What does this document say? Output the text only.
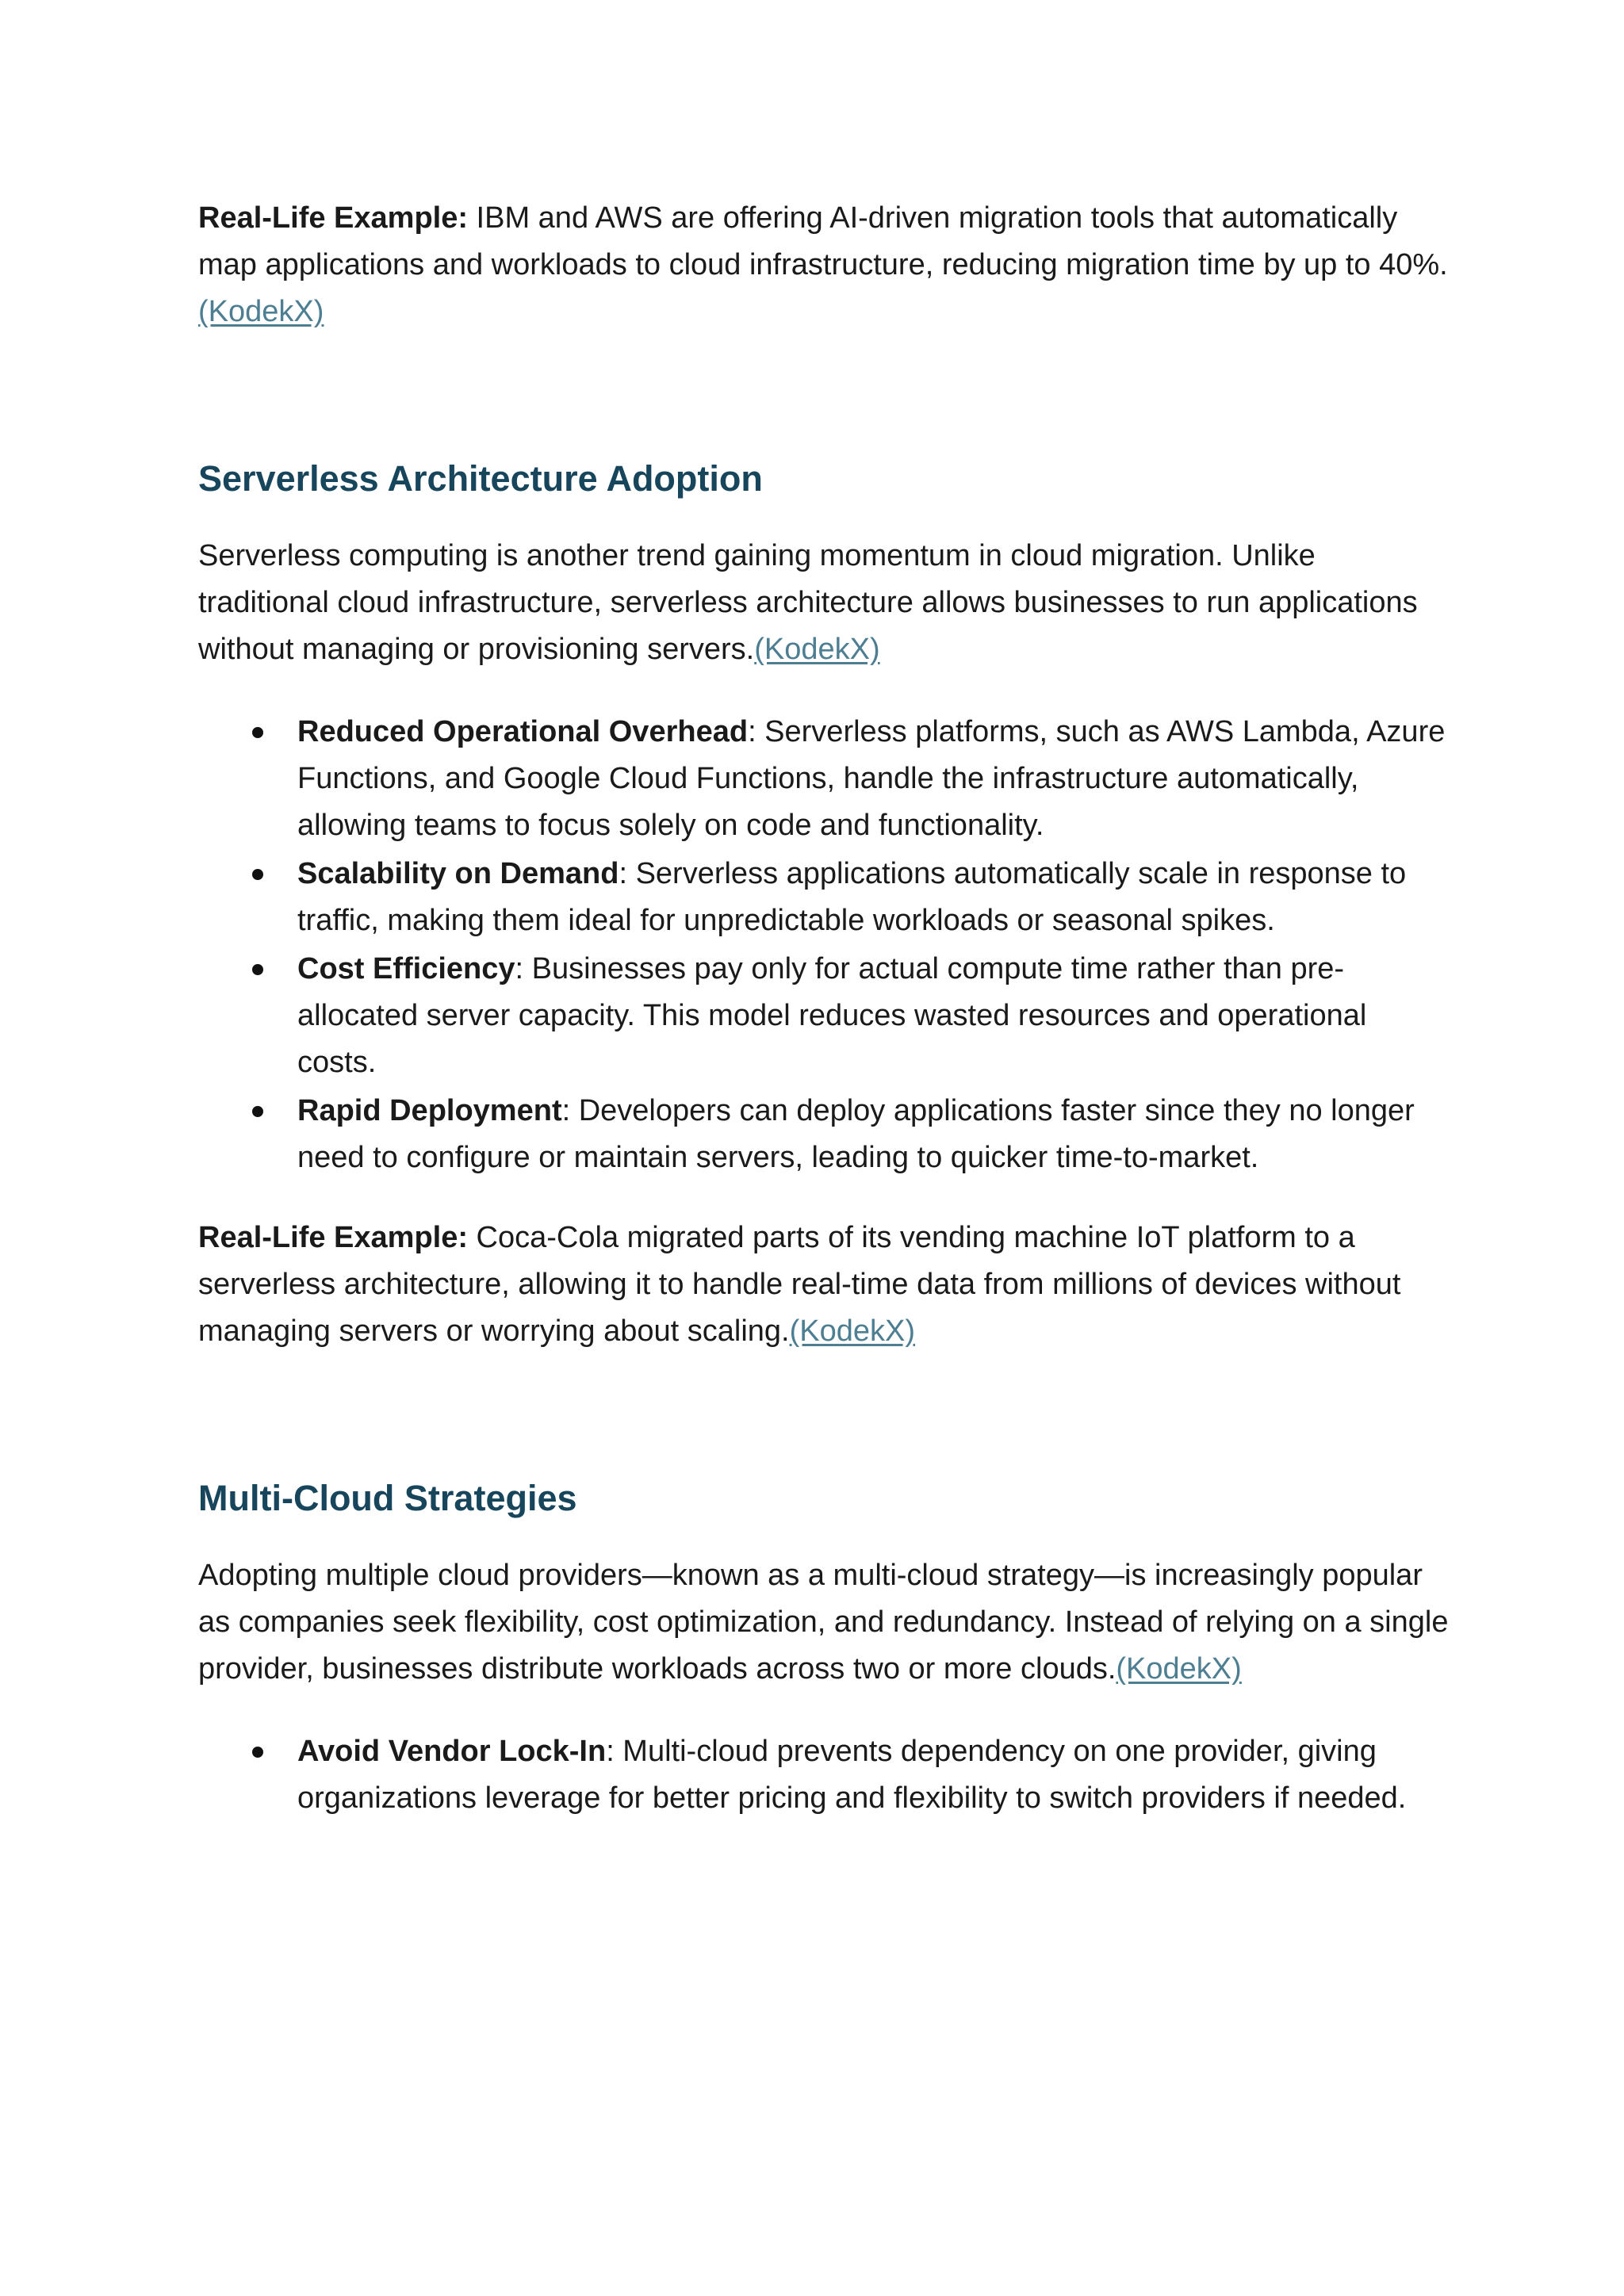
Real-Life Example: IBM and AWS are offering AI-driven migration tools that automatically map applications and workloads to cloud infrastructure, reducing migration time by up to 40%.(KodekX)

Serverless Architecture Adoption

Serverless computing is another trend gaining momentum in cloud migration. Unlike traditional cloud infrastructure, serverless architecture allows businesses to run applications without managing or provisioning servers.(KodekX)

Reduced Operational Overhead: Serverless platforms, such as AWS Lambda, Azure Functions, and Google Cloud Functions, handle the infrastructure automatically, allowing teams to focus solely on code and functionality.
Scalability on Demand: Serverless applications automatically scale in response to traffic, making them ideal for unpredictable workloads or seasonal spikes.
Cost Efficiency: Businesses pay only for actual compute time rather than pre-allocated server capacity. This model reduces wasted resources and operational costs.
Rapid Deployment: Developers can deploy applications faster since they no longer need to configure or maintain servers, leading to quicker time-to-market.

Real-Life Example: Coca-Cola migrated parts of its vending machine IoT platform to a serverless architecture, allowing it to handle real-time data from millions of devices without managing servers or worrying about scaling.(KodekX)

Multi-Cloud Strategies

Adopting multiple cloud providers—known as a multi-cloud strategy—is increasingly popular as companies seek flexibility, cost optimization, and redundancy. Instead of relying on a single provider, businesses distribute workloads across two or more clouds.(KodekX)

Avoid Vendor Lock-In: Multi-cloud prevents dependency on one provider, giving organizations leverage for better pricing and flexibility to switch providers if needed.
